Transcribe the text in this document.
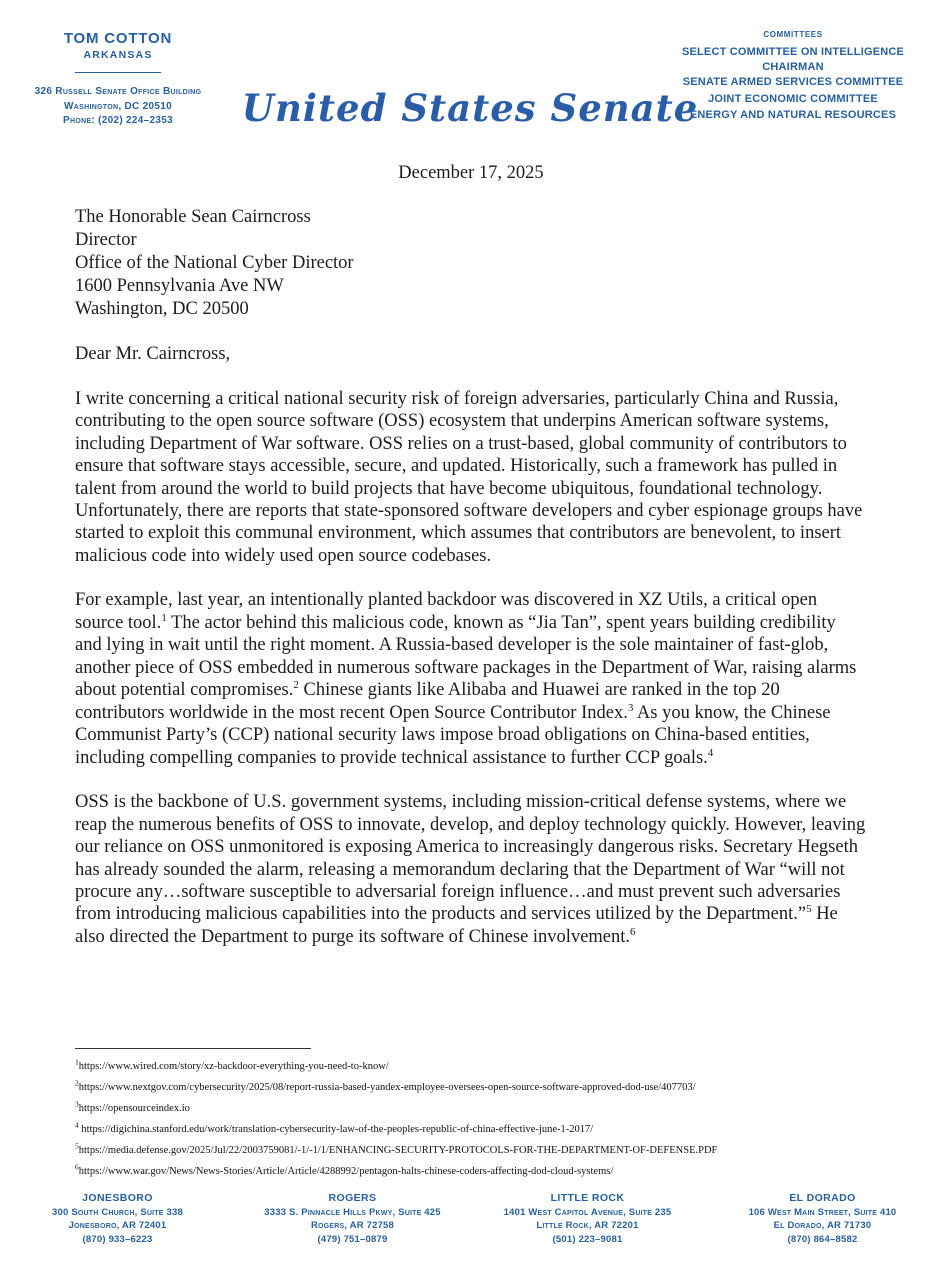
TOM COTTON
ARKANSAS
326 Russell Senate Office Building
Washington, DC 20510
Phone: (202) 224–2353	United States Senate
COMMITTEES
SELECT COMMITTEE ON INTELLIGENCE
CHAIRMAN
SENATE ARMED SERVICES COMMITTEE
JOINT ECONOMIC COMMITTEE
ENERGY AND NATURAL RESOURCES
December 17, 2025
The Honorable Sean Cairncross
Director
Office of the National Cyber Director
1600 Pennsylvania Ave NW
Washington, DC 20500
Dear Mr. Cairncross,

I write concerning a critical national security risk of foreign adversaries, particularly China and Russia, contributing to the open source software (OSS) ecosystem that underpins American software systems, including Department of War software. OSS relies on a trust-based, global community of contributors to ensure that software stays accessible, secure, and updated. Historically, such a framework has pulled in talent from around the world to build projects that have become ubiquitous, foundational technology. Unfortunately, there are reports that state-sponsored software developers and cyber espionage groups have started to exploit this communal environment, which assumes that contributors are benevolent, to insert malicious code into widely used open source codebases.

For example, last year, an intentionally planted backdoor was discovered in XZ Utils, a critical open source tool.$^1$ The actor behind this malicious code, known as “Jia Tan”, spent years building credibility and lying in wait until the right moment. A Russia-based developer is the sole maintainer of fast-glob, another piece of OSS embedded in numerous software packages in the Department of War, raising alarms about potential compromises.$^2$ Chinese giants like Alibaba and Huawei are ranked in the top 20 contributors worldwide in the most recent Open Source Contributor Index.$^3$ As you know, the Chinese Communist Party’s (CCP) national security laws impose broad obligations on China-based entities, including compelling companies to provide technical assistance to further CCP goals.$^4$

OSS is the backbone of U.S. government systems, including mission-critical defense systems, where we reap the numerous benefits of OSS to innovate, develop, and deploy technology quickly. However, leaving our reliance on OSS unmonitored is exposing America to increasingly dangerous risks. Secretary Hegseth has already sounded the alarm, releasing a memorandum declaring that the Department of War “will not procure any…software susceptible to adversarial foreign influence…and must prevent such adversaries from introducing malicious capabilities into the products and services utilized by the Department.”$^5$ He also directed the Department to purge its software of Chinese involvement.$^6$

$^1$https://www.wired.com/story/xz-backdoor-everything-you-need-to-know/
$^2$https://www.nextgov.com/cybersecurity/2025/08/report-russia-based-yandex-employee-oversees-open-source-software-approved-dod-use/407703/
$^3$https://opensourceindex.io
$^4$ https://digichina.stanford.edu/work/translation-cybersecurity-law-of-the-peoples-republic-of-china-effective-june-1-2017/
$^5$https://media.defense.gov/2025/Jul/22/2003759081/-1/-1/1/ENHANCING-SECURITY-PROTOCOLS-FOR-THE-DEPARTMENT-OF-DEFENSE.PDF
$^6$https://www.war.gov/News/News-Stories/Article/Article/4288992/pentagon-halts-chinese-coders-affecting-dod-cloud-systems/
JONESBORO
300 South Church, Suite 338
Jonesboro, AR 72401
(870) 933–6223
ROGERS
3333 S. Pinnacle Hills Pkwy, Suite 425
Rogers, AR 72758
(479) 751–0879
LITTLE ROCK
1401 West Capitol Avenue, Suite 235
Little Rock, AR 72201
(501) 223–9081
EL DORADO
106 West Main Street, Suite 410
El Dorado, AR 71730
(870) 864–8582
